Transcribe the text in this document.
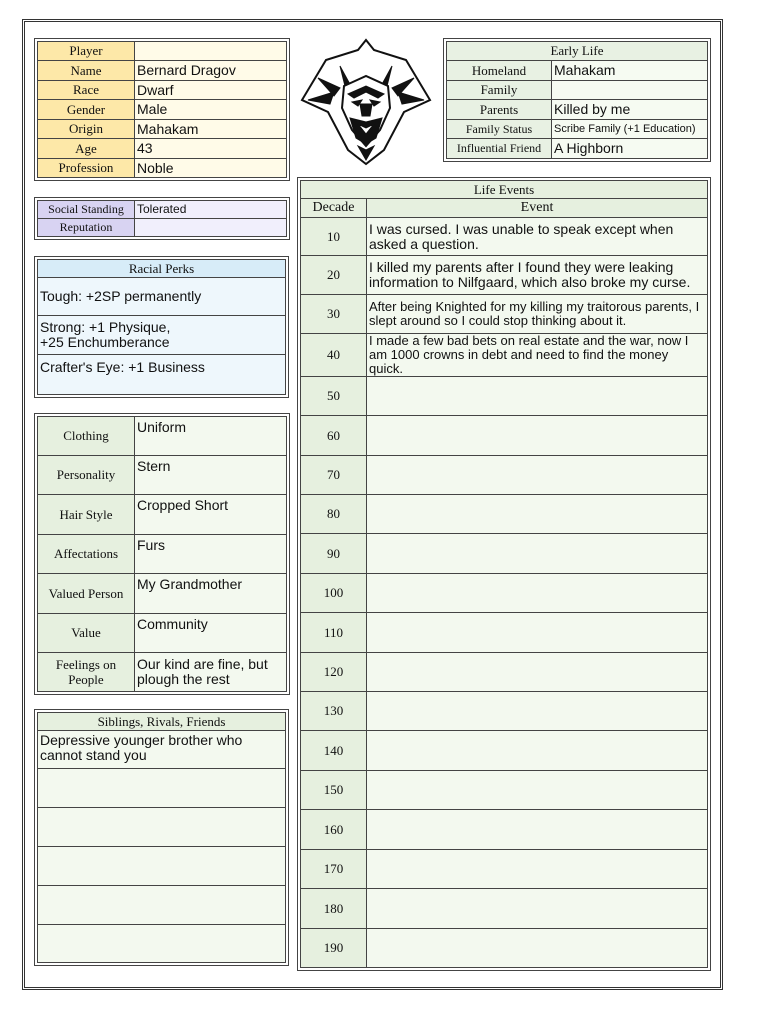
Player	
Name	Bernard Dragov
Race	Dwarf
Gender	Male
Origin	Mahakam
Age	43
Profession	Noble
Early Life	
Homeland	Mahakam
Family	
Parents	Killed by me
Family Status	Scribe Family (+1 Education)
Influential Friend	A Highborn
Social Standing	Tolerated
Reputation	
Racial Perks
Tough: +2SP permanently
Strong: +1 Physique,
+25 Enchumberance
Crafter's Eye: +1 Business
Clothing	Uniform
Personality	Stern
Hair Style	Cropped Short
Affectations	Furs
Valued Person	My Grandmother
Value	Community
Feelings on People	Our kind are fine, but plough the rest
Siblings, Rivals, Friends
Depressive younger brother who cannot stand you

Life Events	
Decade	Event
10	I was cursed. I was unable to speak except when asked a question.
20	I killed my parents after I found they were leaking information to Nilfgaard, which also broke my curse.
30	After being Knighted for my killing my traitorous parents, I slept around so I could stop thinking about it.
40	I made a few bad bets on real estate and the war, now I am 1000 crowns in debt and need to find the money quick.
50	
60	
70	
80	
90	
100	
110	
120	
130	
140	
150	
160	
170	
180	
190	
